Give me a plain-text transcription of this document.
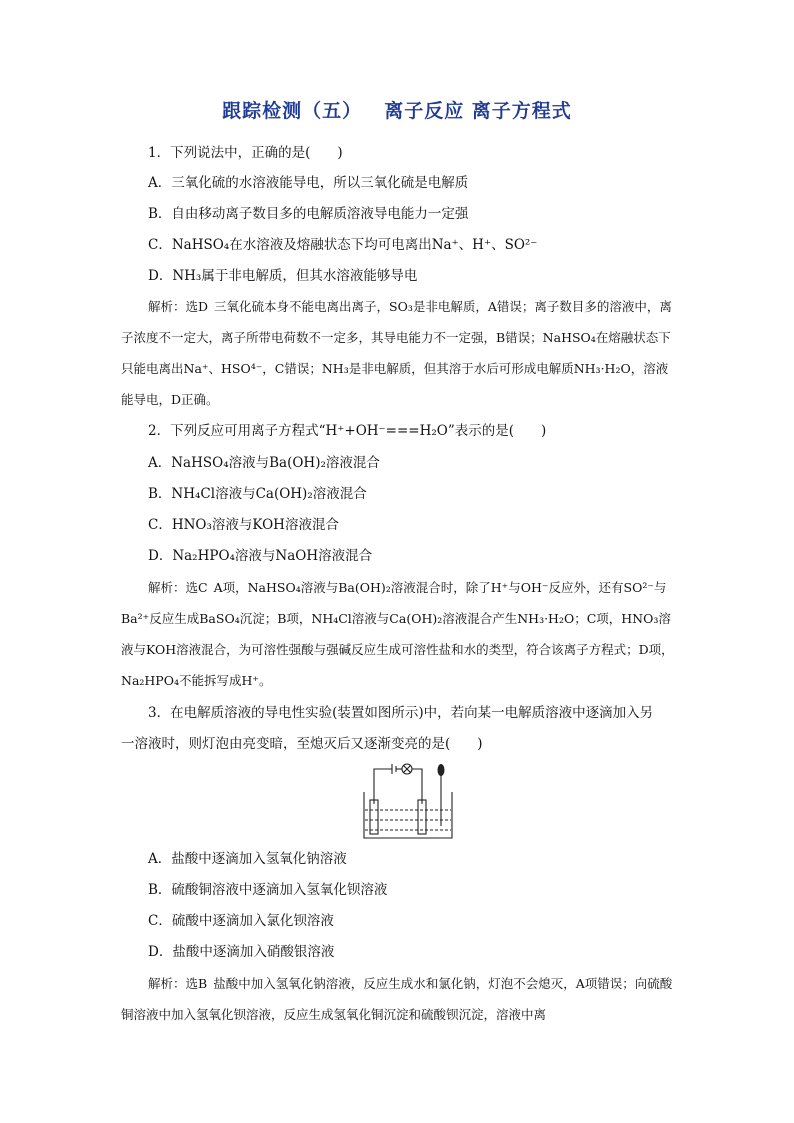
跟踪检测（五） 离子反应 离子方程式
1．下列说法中，正确的是(　　)
A．三氧化硫的水溶液能导电，所以三氧化硫是电解质
B．自由移动离子数目多的电解质溶液导电能力一定强
C．NaHSO₄在水溶液及熔融状态下均可电离出Na⁺、H⁺、SO²⁻
D．NH₃属于非电解质，但其水溶液能够导电
解析：选D 三氧化硫本身不能电离出离子，SO₃是非电解质，A错误；离子数目多的溶液中，离子浓度不一定大，离子所带电荷数不一定多，其导电能力不一定强，B错误；NaHSO₄在熔融状态下只能电离出Na⁺、HSO⁴⁻，C错误；NH₃是非电解质，但其溶于水后可形成电解质NH₃·H₂O，溶液能导电，D正确。
2．下列反应可用离子方程式“H⁺+OH⁻===H₂O”表示的是(　　)
A．NaHSO₄溶液与Ba(OH)₂溶液混合
B．NH₄Cl溶液与Ca(OH)₂溶液混合
C．HNO₃溶液与KOH溶液混合
D．Na₂HPO₄溶液与NaOH溶液混合
解析：选C A项，NaHSO₄溶液与Ba(OH)₂溶液混合时，除了H⁺与OH⁻反应外，还有SO²⁻与Ba²⁺反应生成BaSO₄沉淀；B项，NH₄Cl溶液与Ca(OH)₂溶液混合产生NH₃·H₂O；C项，HNO₃溶液与KOH溶液混合，为可溶性强酸与强碱反应生成可溶性盐和水的类型，符合该离子方程式；D项，Na₂HPO₄不能拆写成H⁺。
3．在电解质溶液的导电性实验(装置如图所示)中，若向某一电解质溶液中逐滴加入另
一溶液时，则灯泡由亮变暗，至熄灭后又逐渐变亮的是(　　)
A．盐酸中逐滴加入氢氧化钠溶液
B．硫酸铜溶液中逐滴加入氢氧化钡溶液
C．硫酸中逐滴加入氯化钡溶液
D．盐酸中逐滴加入硝酸银溶液
解析：选B 盐酸中加入氢氧化钠溶液，反应生成水和氯化钠，灯泡不会熄灭，A项错误；向硫酸铜溶液中加入氢氧化钡溶液，反应生成氢氧化铜沉淀和硫酸钡沉淀，溶液中离
